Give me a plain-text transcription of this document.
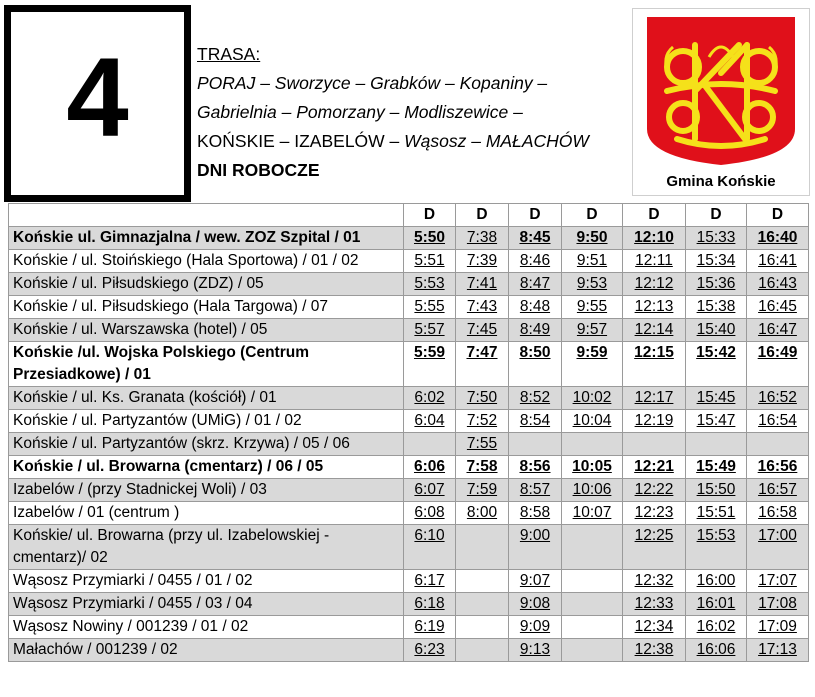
4	TRASA:
PORAJ – Sworzyce – Grabków – Kopaniny –
Gabrielnia – Pomorzany – Modliszewice –
KOŃSKIE – IZABELÓW – Wąsosz – MAŁACHÓW
DNI ROBOCZE
Gmina Końskie
	D	D	D	D	D	D	D
Końskie ul. Gimnazjalna / wew. ZOZ Szpital / 01	5:50	7:38	8:45	9:50	12:10	15:33	16:40
Końskie / ul. Stoińskiego (Hala Sportowa) / 01 / 02	5:51	7:39	8:46	9:51	12:11	15:34	16:41
Końskie / ul. Piłsudskiego (ZDZ) / 05	5:53	7:41	8:47	9:53	12:12	15:36	16:43
Końskie / ul. Piłsudskiego (Hala Targowa) / 07	5:55	7:43	8:48	9:55	12:13	15:38	16:45
Końskie / ul. Warszawska (hotel) / 05	5:57	7:45	8:49	9:57	12:14	15:40	16:47
Końskie /ul. Wojska Polskiego (Centrum Przesiadkowe) / 01	5:59	7:47	8:50	9:59	12:15	15:42	16:49
Końskie / ul. Ks. Granata (kościół) / 01	6:02	7:50	8:52	10:02	12:17	15:45	16:52
Końskie / ul. Partyzantów (UMiG) / 01 / 02	6:04	7:52	8:54	10:04	12:19	15:47	16:54
Końskie / ul. Partyzantów (skrz. Krzywa) / 05 / 06		7:55					
Końskie / ul. Browarna (cmentarz) / 06 / 05	6:06	7:58	8:56	10:05	12:21	15:49	16:56
Izabelów / (przy Stadnickej Woli) / 03	6:07	7:59	8:57	10:06	12:22	15:50	16:57
Izabelów / 01 (centrum )	6:08	8:00	8:58	10:07	12:23	15:51	16:58
Końskie/ ul. Browarna (przy ul. Izabelowskiej - cmentarz)/ 02	6:10		9:00		12:25	15:53	17:00
Wąsosz Przymiarki / 0455 / 01 / 02	6:17		9:07		12:32	16:00	17:07
Wąsosz Przymiarki / 0455 / 03 / 04	6:18		9:08		12:33	16:01	17:08
Wąsosz Nowiny / 001239 / 01 / 02	6:19		9:09		12:34	16:02	17:09
Małachów / 001239 / 02	6:23		9:13		12:38	16:06	17:13
